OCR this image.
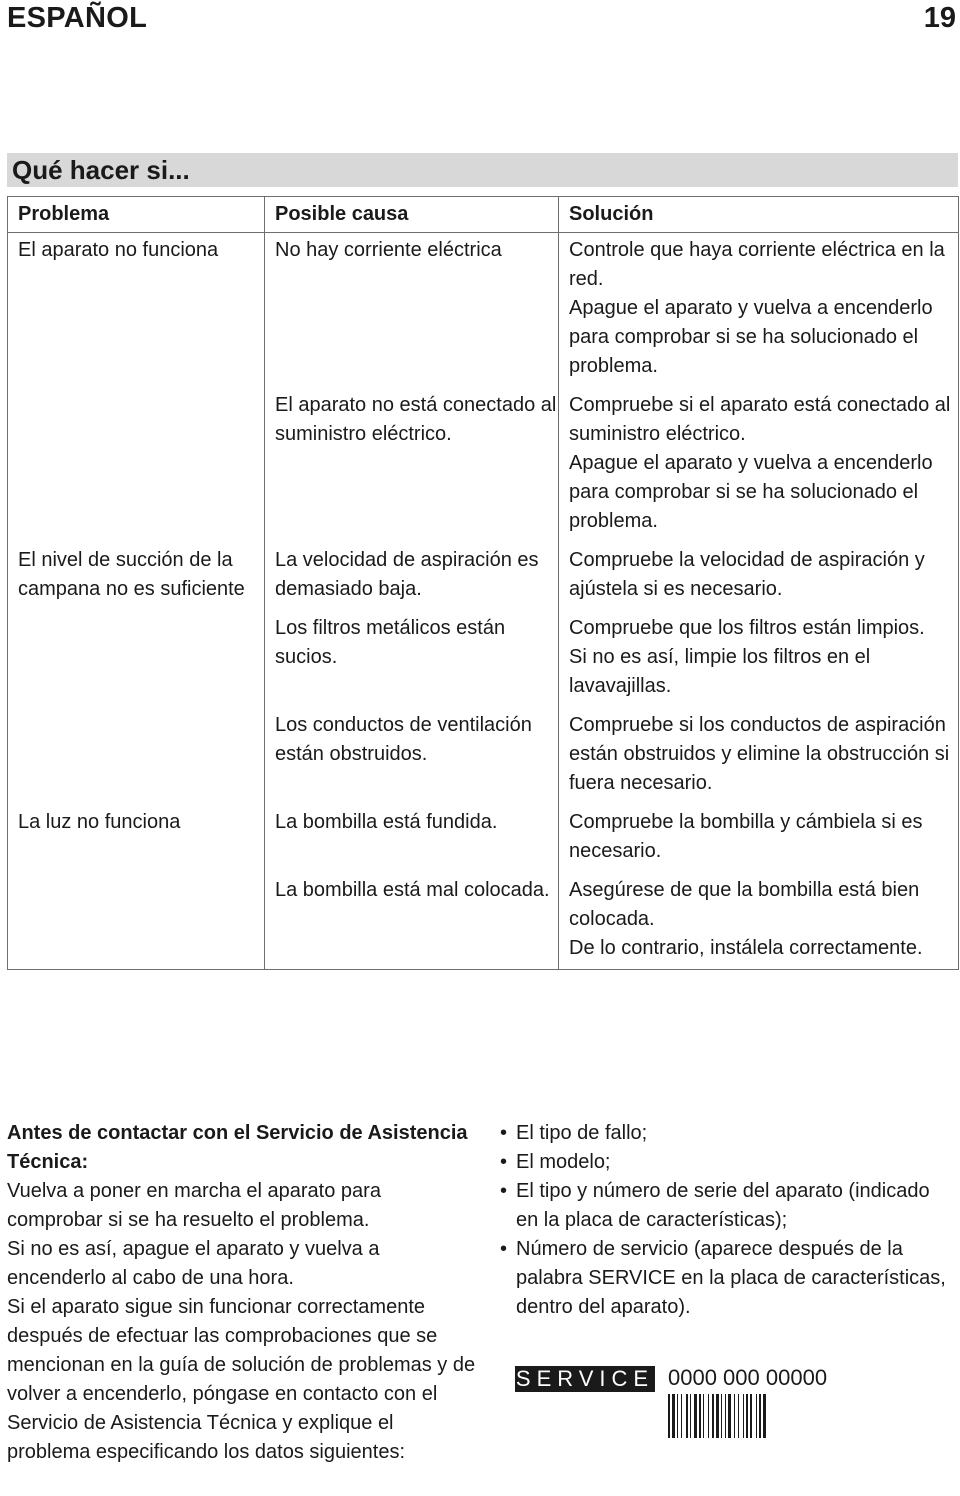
ESPAÑOL	19
Qué hacer si...
Problema	Posible causa	Solución
El aparato no funciona	No hay corriente eléctrica	Controle que haya corriente eléctrica en la red.
Apague el aparato y vuelva a encenderlo para comprobar si se ha solucionado el problema.

	El aparato no está conectado al suministro eléctrico.	Compruebe si el aparato está conectado al suministro eléctrico.
Apague el aparato y vuelva a encenderlo para comprobar si se ha solucionado el problema.

El nivel de succión de la campana no es suficiente	La velocidad de aspiración es demasiado baja.	Compruebe la velocidad de aspiración y ajústela si es necesario.

	Los filtros metálicos están sucios.	Compruebe que los filtros están limpios.
Si no es así, limpie los filtros en el lavavajillas.

	Los conductos de ventilación están obstruidos.	Compruebe si los conductos de aspiración están obstruidos y elimine la obstrucción si fuera necesario.

La luz no funciona	La bombilla está fundida.	Compruebe la bombilla y cámbiela si es necesario.

	La bombilla está mal colocada.	Asegúrese de que la bombilla está bien colocada.
De lo contrario, instálela correctamente.
Antes de contactar con el Servicio de Asistencia Técnica:
Vuelva a poner en marcha el aparato para comprobar si se ha resuelto el problema.
Si no es así, apague el aparato y vuelva a encenderlo al cabo de una hora.
Si el aparato sigue sin funcionar correctamente después de efectuar las comprobaciones que se mencionan en la guía de solución de problemas y de volver a encenderlo, póngase en contacto con el Servicio de Asistencia Técnica y explique el problema especificando los datos siguientes:
• El tipo de fallo;
• El modelo;
• El tipo y número de serie del aparato (indicado en la placa de características);
• Número de servicio (aparece después de la palabra SERVICE en la placa de características, dentro del aparato).
SERVICE 0000 000 00000
